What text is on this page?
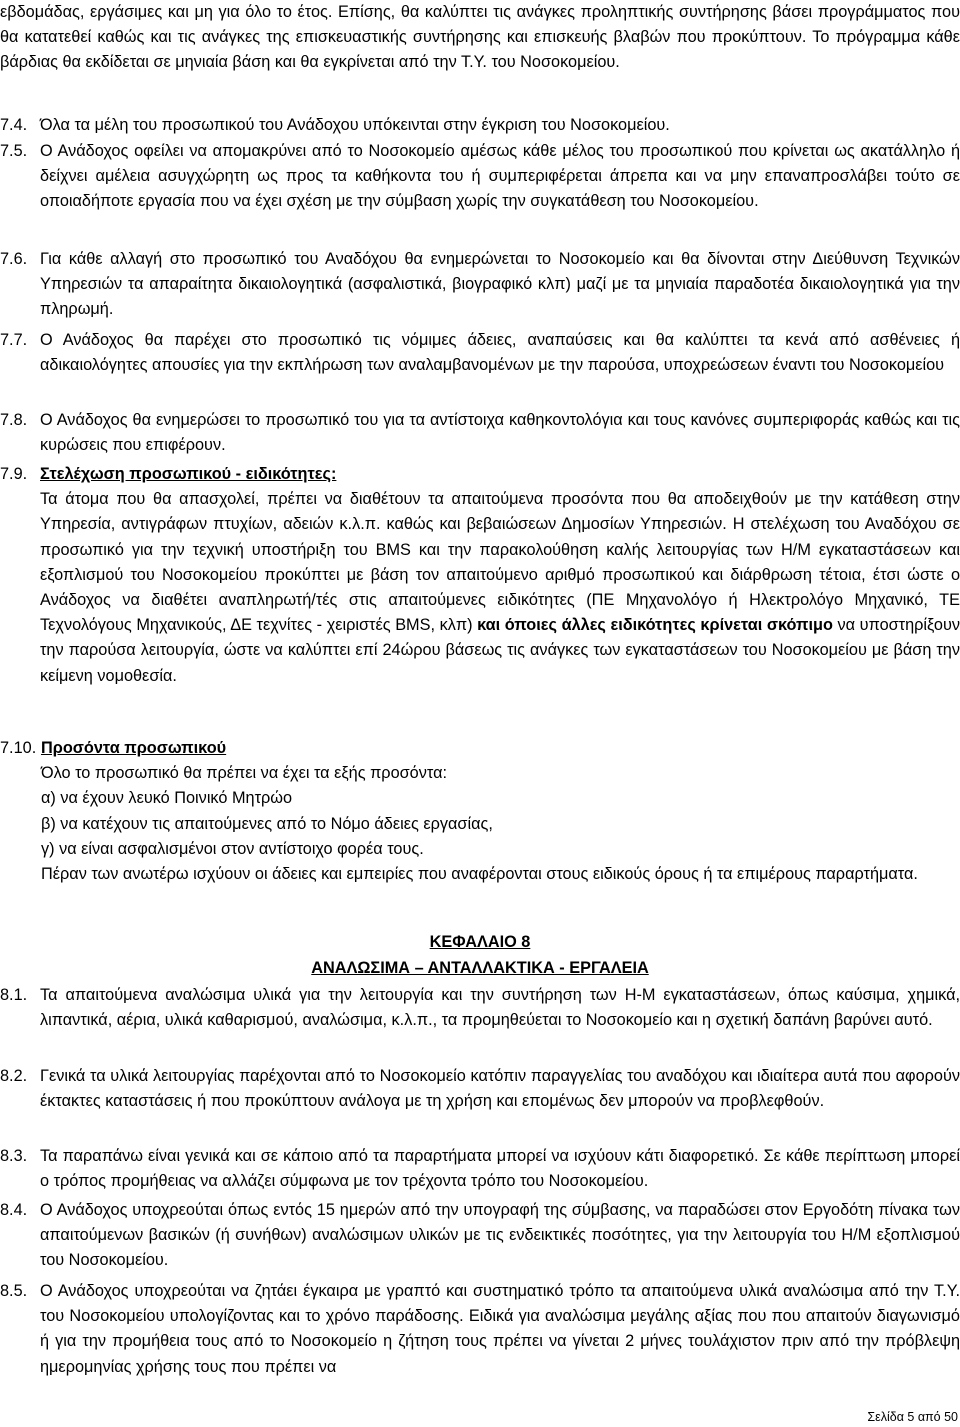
εβδομάδας, εργάσιμες και μη για όλο το έτος. Επίσης, θα καλύπτει τις ανάγκες προληπτικής συντήρησης βάσει προγράμματος που θα κατατεθεί καθώς και τις ανάγκες της επισκευαστικής συντήρησης και επισκευής βλαβών που προκύπτουν. Το πρόγραμμα κάθε βάρδιας θα εκδίδεται σε μηνιαία βάση και θα εγκρίνεται από την Τ.Υ. του Νοσοκομείου.

7.4. Όλα τα μέλη του προσωπικού του Ανάδοχου υπόκεινται στην έγκριση του Νοσοκομείου.

7.5. Ο Ανάδοχος οφείλει να απομακρύνει από το Νοσοκομείο αμέσως κάθε μέλος του προσωπικού που κρίνεται ως ακατάλληλο ή δείχνει αμέλεια ασυγχώρητη ως προς τα καθήκοντα του ή συμπεριφέρεται άπρεπα και να μην επαναπροσλάβει τούτο σε οποιαδήποτε εργασία που να έχει σχέση με την σύμβαση χωρίς την συγκατάθεση του Νοσοκομείου.

7.6. Για κάθε αλλαγή στο προσωπικό του Αναδόχου θα ενημερώνεται το Νοσοκομείο και θα δίνονται στην Διεύθυνση Τεχνικών Υπηρεσιών τα απαραίτητα δικαιολογητικά (ασφαλιστικά, βιογραφικό κλπ) μαζί με τα μηνιαία παραδοτέα δικαιολογητικά για την πληρωμή.

7.7. Ο Ανάδοχος θα παρέχει στο προσωπικό τις νόμιμες άδειες, αναπαύσεις και θα καλύπτει τα κενά από ασθένειες ή αδικαιολόγητες απουσίες για την εκπλήρωση των αναλαμβανομένων με την παρούσα, υποχρεώσεων έναντι του Νοσοκομείου

7.8. Ο Ανάδοχος θα ενημερώσει το προσωπικό του για τα αντίστοιχα καθηκοντολόγια και τους κανόνες συμπεριφοράς καθώς και τις κυρώσεις που επιφέρουν.

7.9. Στελέχωση προσωπικού - ειδικότητες:

Τα άτομα που θα απασχολεί, πρέπει να διαθέτουν τα απαιτούμενα προσόντα που θα αποδειχθούν με την κατάθεση στην Υπηρεσία, αντιγράφων πτυχίων, αδειών κ.λ.π. καθώς και βεβαιώσεων Δημοσίων Υπηρεσιών. Η στελέχωση του Αναδόχου σε προσωπικό για την τεχνική υποστήριξη του BMS και την παρακολούθηση καλής λειτουργίας των Η/Μ εγκαταστάσεων και εξοπλισμού του Νοσοκομείου προκύπτει με βάση τον απαιτούμενο αριθμό προσωπικού και διάρθρωση τέτοια, έτσι ώστε ο Ανάδοχος να διαθέτει αναπληρωτή/τές στις απαιτούμενες ειδικότητες (ΠΕ Μηχανολόγο ή Ηλεκτρολόγο Μηχανικό, ΤΕ Τεχνολόγους Μηχανικούς, ΔΕ τεχνίτες - χειριστές BMS, κλπ) και όποιες άλλες ειδικότητες κρίνεται σκόπιμο να υποστηρίξουν την παρούσα λειτουργία, ώστε να καλύπτει επί 24ώρου βάσεως τις ανάγκες των εγκαταστάσεων του Νοσοκομείου με βάση την κείμενη νομοθεσία.

7.10. Προσόντα προσωπικού

Όλο το προσωπικό θα πρέπει να έχει τα εξής προσόντα:

α) να έχουν λευκό Ποινικό Μητρώο

β) να κατέχουν τις απαιτούμενες από το Νόμο άδειες εργασίας,

γ) να είναι ασφαλισμένοι στον αντίστοιχο φορέα τους.

Πέραν των ανωτέρω ισχύουν οι άδειες και εμπειρίες που αναφέρονται στους ειδικούς όρους ή τα επιμέρους παραρτήματα.

ΚΕΦΑΛΑΙΟ 8
ΑΝΑΛΩΣΙΜΑ – ΑΝΤΑΛΛΑΚΤΙΚΑ - ΕΡΓΑΛΕΙΑ
8.1. Τα απαιτούμενα αναλώσιμα υλικά για την λειτουργία και την συντήρηση των Η-Μ εγκαταστάσεων, όπως καύσιμα, χημικά, λιπαντικά, αέρια, υλικά καθαρισμού, αναλώσιμα, κ.λ.π., τα προμηθεύεται το Νοσοκομείο και η σχετική δαπάνη βαρύνει αυτό.

8.2. Γενικά τα υλικά λειτουργίας παρέχονται από το Νοσοκομείο κατόπιν παραγγελίας του αναδόχου και ιδιαίτερα αυτά που αφορούν έκτακτες καταστάσεις ή που προκύπτουν ανάλογα με τη χρήση και επομένως δεν μπορούν να προβλεφθούν.

8.3. Τα παραπάνω είναι γενικά και σε κάποιο από τα παραρτήματα μπορεί να ισχύουν κάτι διαφορετικό. Σε κάθε περίπτωση μπορεί ο τρόπος προμήθειας να αλλάζει σύμφωνα με τον τρέχοντα τρόπο του Νοσοκομείου.

8.4. Ο Ανάδοχος υποχρεούται όπως εντός 15 ημερών από την υπογραφή της σύμβασης, να παραδώσει στον Εργοδότη πίνακα των απαιτούμενων βασικών (ή συνήθων) αναλώσιμων υλικών με τις ενδεικτικές ποσότητες, για την λειτουργία του Η/Μ εξοπλισμού του Νοσοκομείου.

8.5. Ο Ανάδοχος υποχρεούται να ζητάει έγκαιρα με γραπτό και συστηματικό τρόπο τα απαιτούμενα υλικά αναλώσιμα από την Τ.Υ. του Νοσοκομείου υπολογίζοντας και το χρόνο παράδοσης. Ειδικά για αναλώσιμα μεγάλης αξίας που που απαιτούν διαγωνισμό ή για την προμήθεια τους από το Νοσοκομείο η ζήτηση τους πρέπει να γίνεται 2 μήνες τουλάχιστον πριν από την πρόβλεψη ημερομηνίας χρήσης τους που πρέπει να

Σελίδα 5 από 50
